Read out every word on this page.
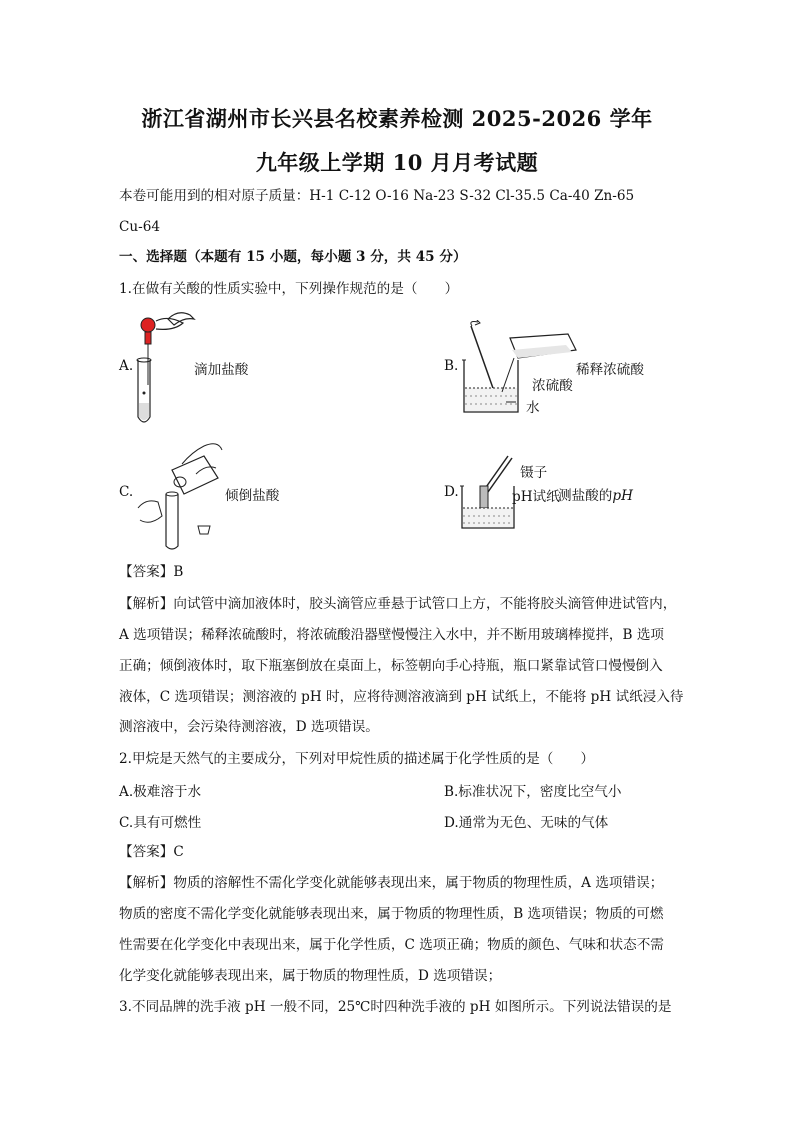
浙江省湖州市长兴县名校素养检测 2025-2026 学年
九年级上学期 10 月月考试题
本卷可能用到的相对原子质量：H-1 C-12 O-16 Na-23 S-32 Cl-35.5 Ca-40 Zn-65
Cu-64
一、选择题（本题有 15 小题，每小题 3 分，共 45 分）
1.在做有关酸的性质实验中，下列操作规范的是（　　）
A.	滴加盐酸	B.	稀释浓硫酸
浓硫酸
水
C.	倾倒盐酸	D.
镊子
pH试纸
测盐酸的pH
【答案】B
【解析】向试管中滴加液体时，胶头滴管应垂悬于试管口上方，不能将胶头滴管伸进试管内，
A 选项错误；稀释浓硫酸时，将浓硫酸沿器壁慢慢注入水中，并不断用玻璃棒搅拌，B 选项
正确；倾倒液体时，取下瓶塞倒放在桌面上，标签朝向手心持瓶，瓶口紧靠试管口慢慢倒入
液体，C 选项错误；测溶液的 pH 时，应将待测溶液滴到 pH 试纸上，不能将 pH 试纸浸入待
测溶液中，会污染待测溶液，D 选项错误。
2.甲烷是天然气的主要成分，下列对甲烷性质的描述属于化学性质的是（　　）
A.极难溶于水	B.标准状况下，密度比空气小
C.具有可燃性	D.通常为无色、无味的气体
【答案】C
【解析】物质的溶解性不需化学变化就能够表现出来，属于物质的物理性质，A 选项错误；
物质的密度不需化学变化就能够表现出来，属于物质的物理性质，B 选项错误；物质的可燃
性需要在化学变化中表现出来，属于化学性质，C 选项正确；物质的颜色、气味和状态不需
化学变化就能够表现出来，属于物质的物理性质，D 选项错误；
3.不同品牌的洗手液 pH 一般不同，25℃时四种洗手液的 pH 如图所示。下列说法错误的是
